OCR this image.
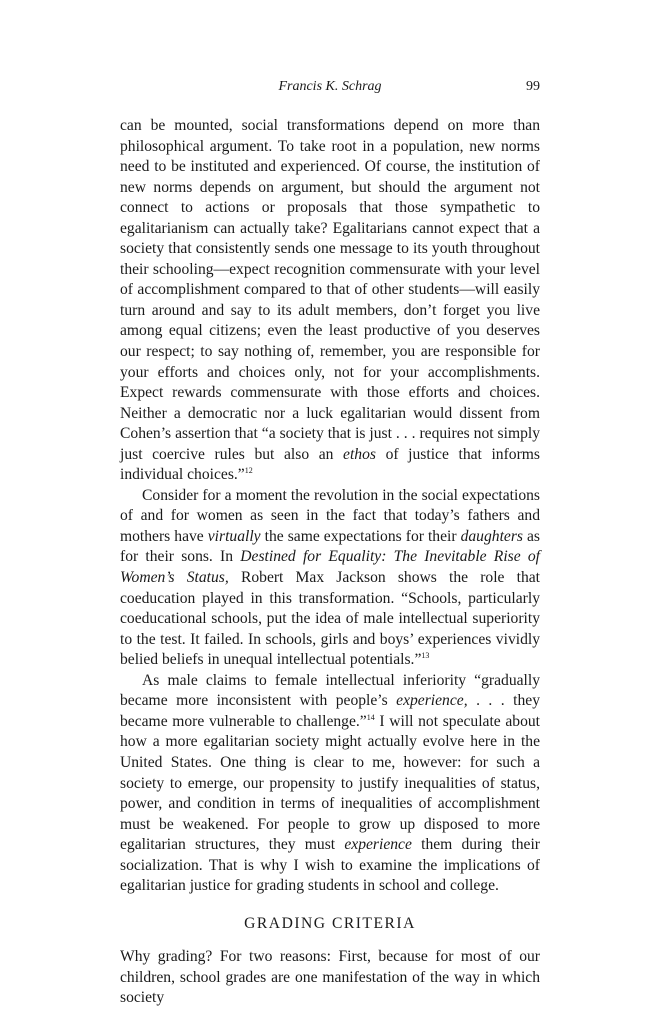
Francis K. Schrag	99

can be mounted, social transformations depend on more than philosophical argument. To take root in a population, new norms need to be instituted and experienced. Of course, the institution of new norms depends on argument, but should the argument not connect to actions or proposals that those sympathetic to egalitarianism can actually take? Egalitarians cannot expect that a society that consistently sends one message to its youth throughout their schooling—expect recognition commensurate with your level of accomplishment compared to that of other students—will easily turn around and say to its adult members, don’t forget you live among equal citizens; even the least productive of you deserves our respect; to say nothing of, remember, you are responsible for your efforts and choices only, not for your accomplishments. Expect rewards commensurate with those efforts and choices. Neither a democratic nor a luck egalitarian would dissent from Cohen’s assertion that “a society that is just . . . requires not simply just coercive rules but also an ethos of justice that informs individual choices.”$^{12}$

Consider for a moment the revolution in the social expectations of and for women as seen in the fact that today’s fathers and mothers have virtually the same expectations for their daughters as for their sons. In Destined for Equality: The Inevitable Rise of Women’s Status, Robert Max Jackson shows the role that coeducation played in this transformation. “Schools, particularly coeducational schools, put the idea of male intellectual superiority to the test. It failed. In schools, girls and boys’ experiences vividly belied beliefs in unequal intellectual potentials.”$^{13}$

As male claims to female intellectual inferiority “gradually became more inconsistent with people’s experience, . . . they became more vulnerable to challenge.”$^{14}$ I will not speculate about how a more egalitarian society might actually evolve here in the United States. One thing is clear to me, however: for such a society to emerge, our propensity to justify inequalities of status, power, and condition in terms of inequalities of accomplishment must be weakened. For people to grow up disposed to more egalitarian structures, they must experience them during their socialization. That is why I wish to examine the implications of egalitarian justice for grading students in school and college.

GRADING CRITERIA

Why grading? For two reasons: First, because for most of our children, school grades are one manifestation of the way in which society
